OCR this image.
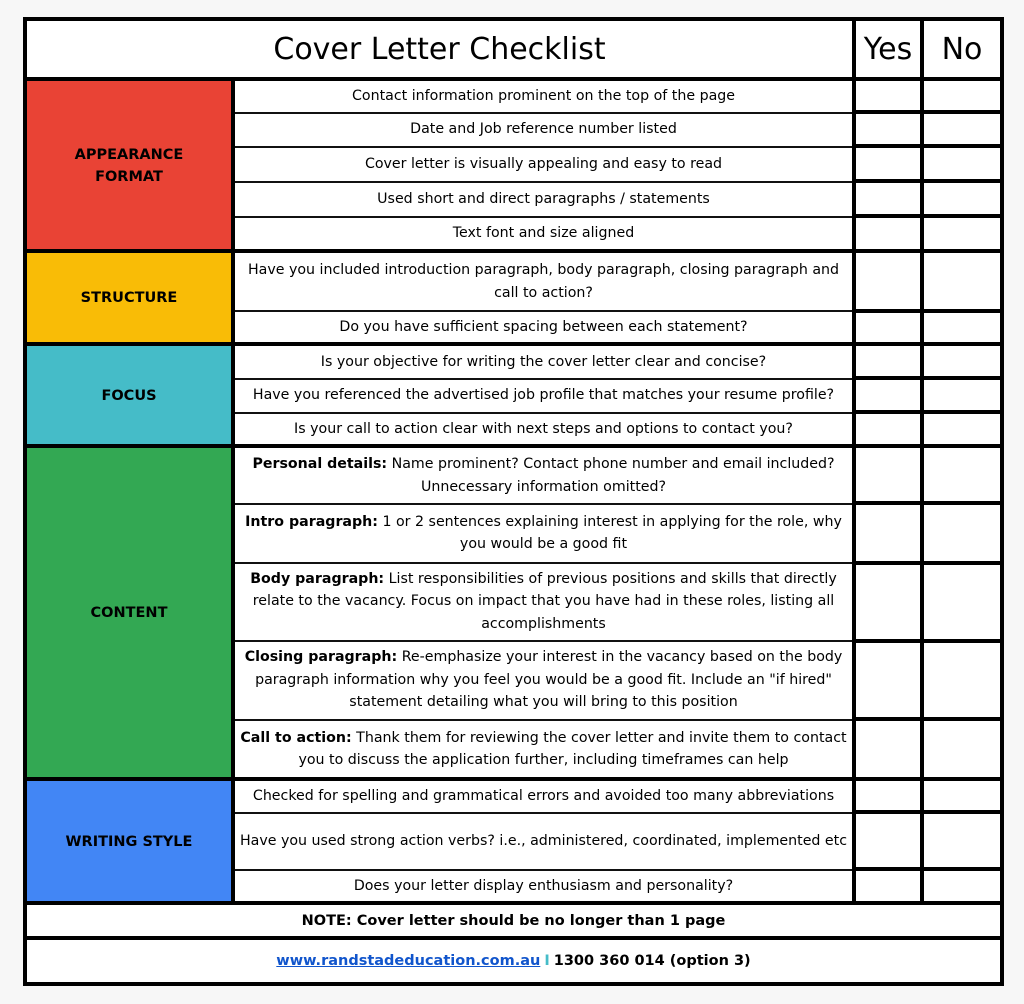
Cover Letter Checklist	Yes No
APPEARANCE
FORMAT
STRUCTURE
FOCUS
CONTENT
WRITING STYLE
Contact information prominent on the top of the page
Date and Job reference number listed
Cover letter is visually appealing and easy to read
Used short and direct paragraphs / statements
Text font and size aligned
Have you included introduction paragraph, body paragraph, closing paragraph and call to action?
Do you have sufficient spacing between each statement?
Is your objective for writing the cover letter clear and concise?
Have you referenced the advertised job profile that matches your resume profile?
Is your call to action clear with next steps and options to contact you?
Personal details: Name prominent? Contact phone number and email included? Unnecessary information omitted?
Intro paragraph: 1 or 2 sentences explaining interest in applying for the role, why you would be a good fit
Body paragraph: List responsibilities of previous positions and skills that directly relate to the vacancy. Focus on impact that you have had in these roles, listing all accomplishments
Closing paragraph: Re-emphasize your interest in the vacancy based on the body paragraph information why you feel you would be a good fit. Include an "if hired" statement detailing what you will bring to this position
Call to action: Thank them for reviewing the cover letter and invite them to contact you to discuss the application further, including timeframes can help
Checked for spelling and grammatical errors and avoided too many abbreviations
Have you used strong action verbs? i.e., administered, coordinated, implemented etc
Does your letter display enthusiasm and personality?
NOTE: Cover letter should be no longer than 1 page
www.randstadeducation.com.au I 1300 360 014 (option 3)
